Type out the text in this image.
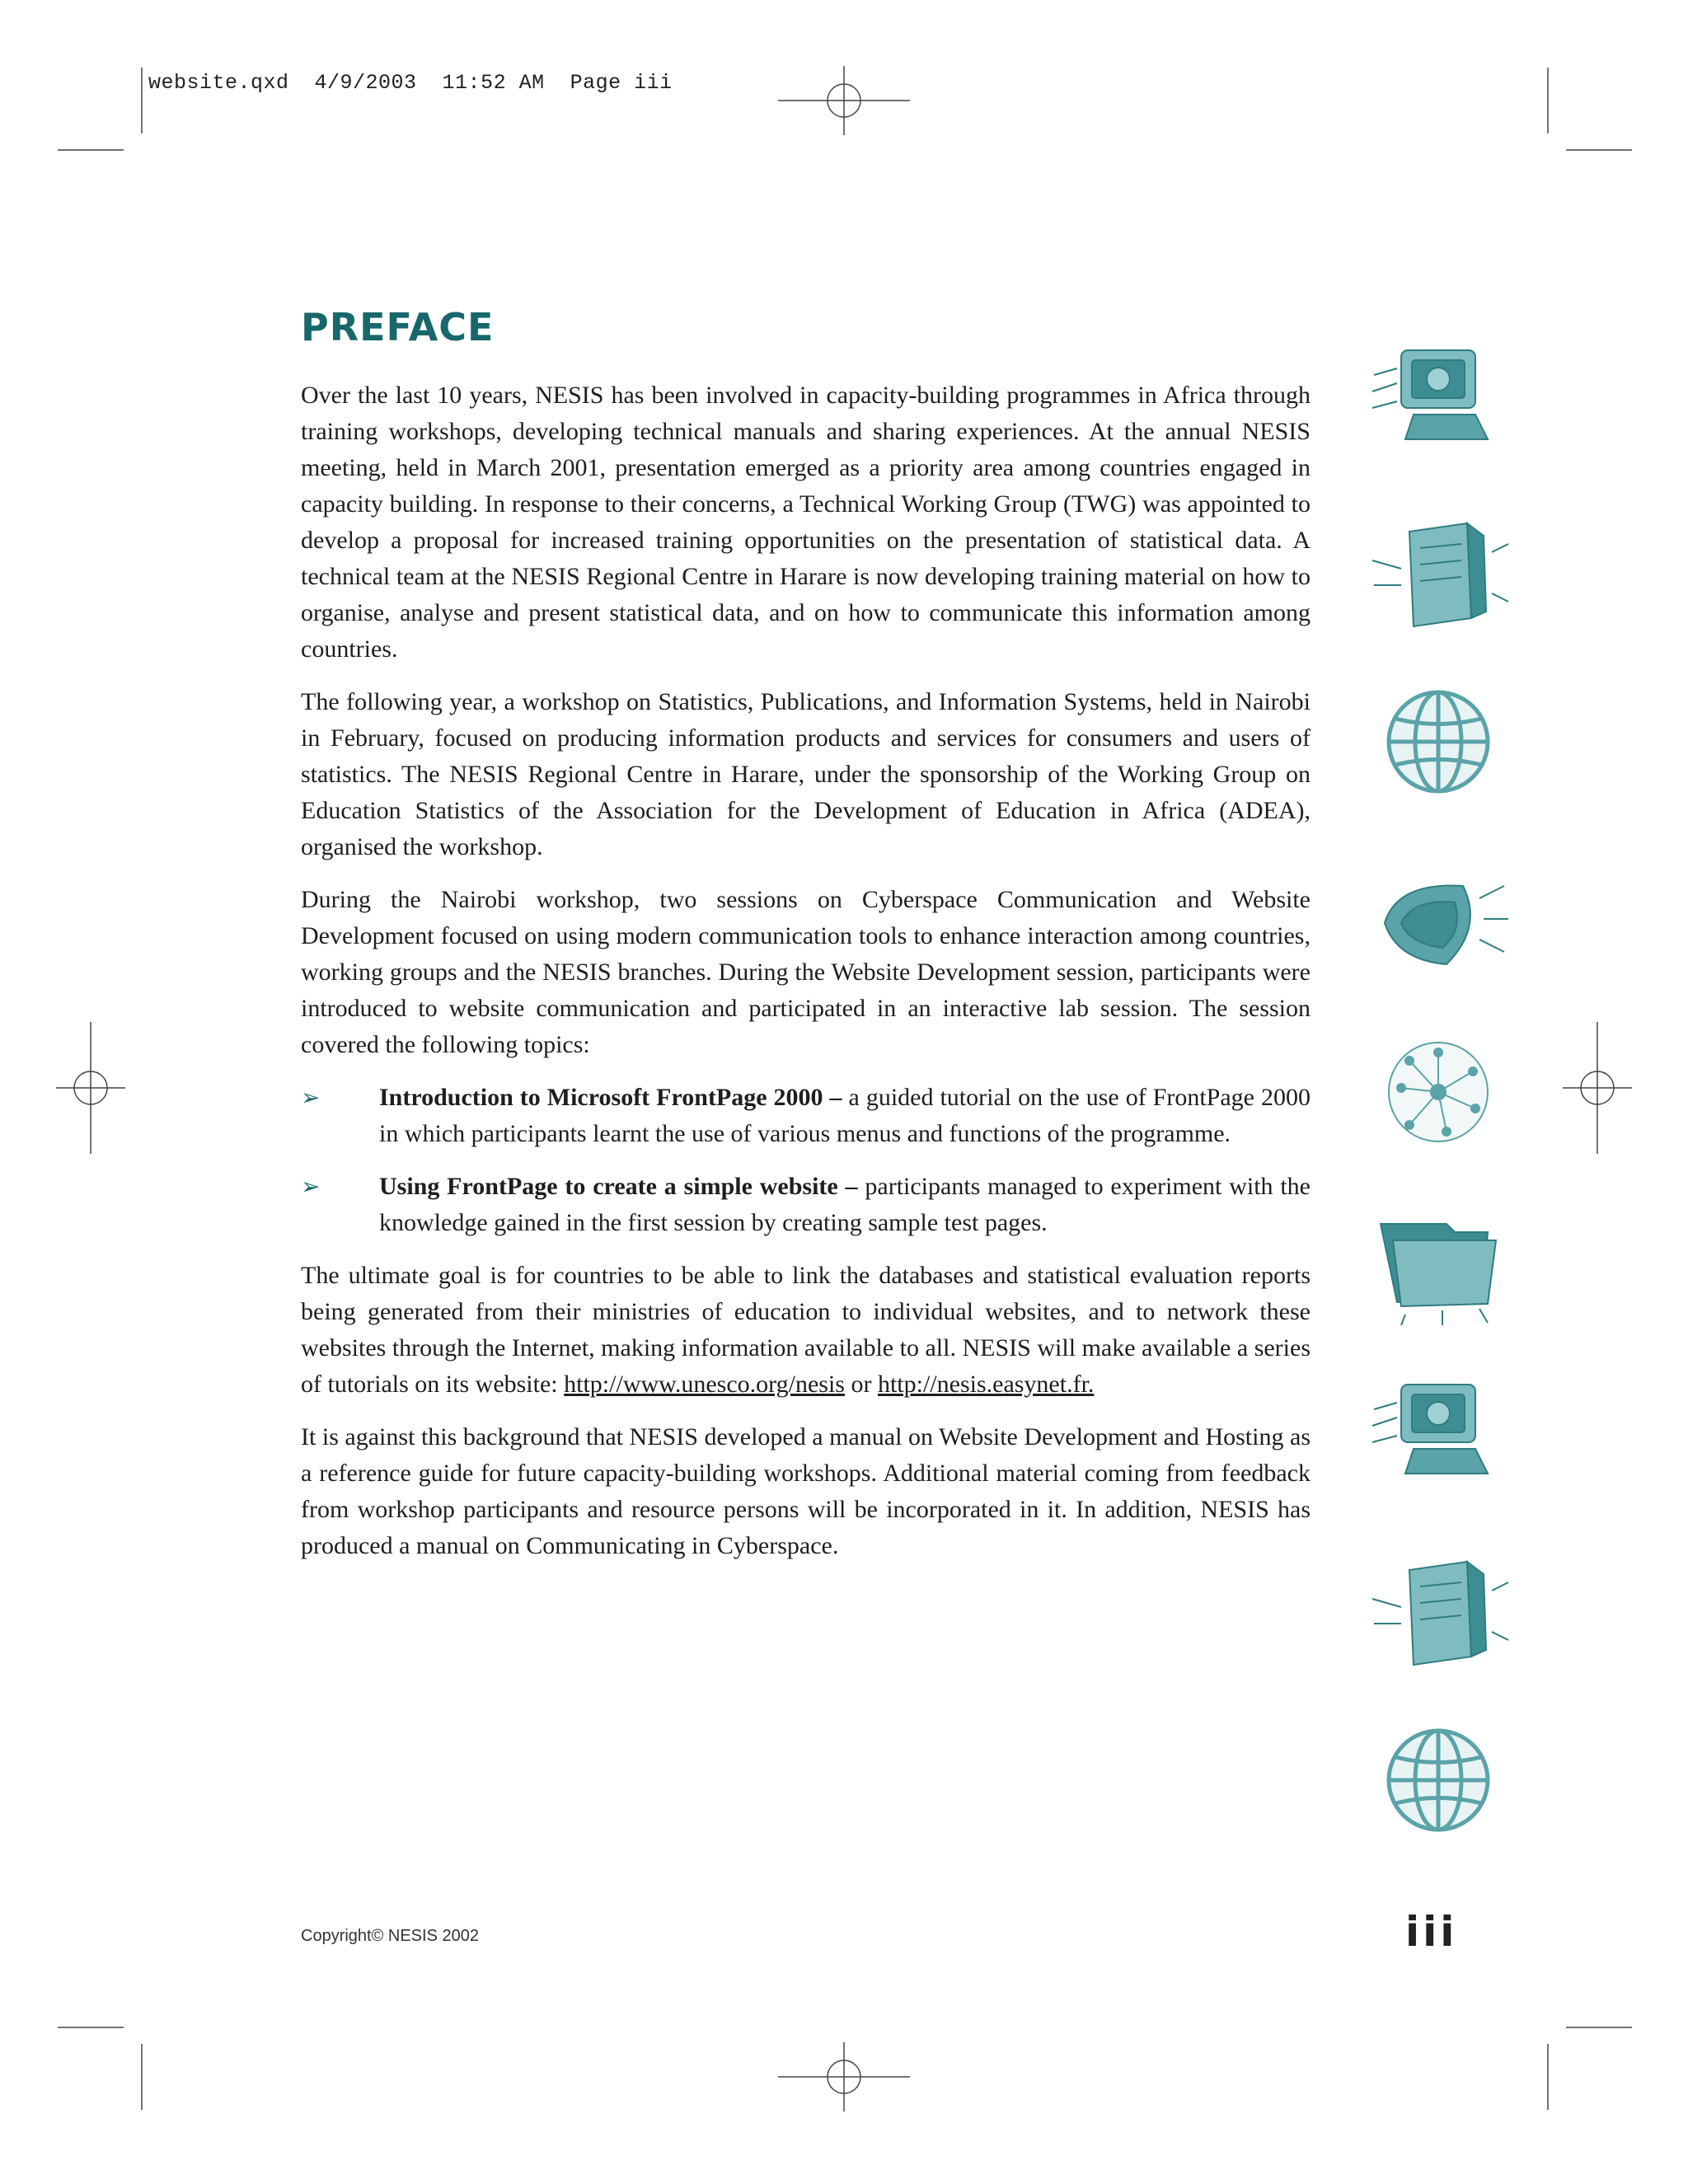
website.qxd  4/9/2003  11:52 AM  Page iii
PREFACE

Over the last 10 years, NESIS has been involved in capacity-building programmes in Africa through training workshops, developing technical manuals and sharing experiences. At the annual NESIS meeting, held in March 2001, presentation emerged as a priority area among countries engaged in capacity building. In response to their concerns, a Technical Working Group (TWG) was appointed to develop a proposal for increased training opportunities on the presentation of statistical data. A technical team at the NESIS Regional Centre in Harare is now developing training material on how to organise, analyse and present statistical data, and on how to communicate this information among countries.

The following year, a workshop on Statistics, Publications, and Information Systems, held in Nairobi in February, focused on producing information products and services for consumers and users of statistics. The NESIS Regional Centre in Harare, under the sponsorship of the Working Group on Education Statistics of the Association for the Development of Education in Africa (ADEA), organised the workshop.

During the Nairobi workshop, two sessions on Cyberspace Communication and Website Development focused on using modern communication tools to enhance interaction among countries, working groups and the NESIS branches. During the Website Development session, participants were introduced to website communication and participated in an interactive lab session. The session covered the following topics:

➢	Introduction to Microsoft FrontPage 2000 – a guided tutorial on the use of FrontPage 2000 in which participants learnt the use of various menus and functions of the programme.
➢	Using FrontPage to create a simple website – participants managed to experiment with the knowledge gained in the first session by creating sample test pages.

The ultimate goal is for countries to be able to link the databases and statistical evaluation reports being generated from their ministries of education to individual websites, and to network these websites through the Internet, making information available to all. NESIS will make available a series of tutorials on its website: http://www.unesco.org/nesis or http://nesis.easynet.fr.

It is against this background that NESIS developed a manual on Website Development and Hosting as a reference guide for future capacity-building workshops. Additional material coming from feedback from workshop participants and resource persons will be incorporated in it. In addition, NESIS has produced a manual on Communicating in Cyberspace.

Copyright© NESIS 2002	iii
